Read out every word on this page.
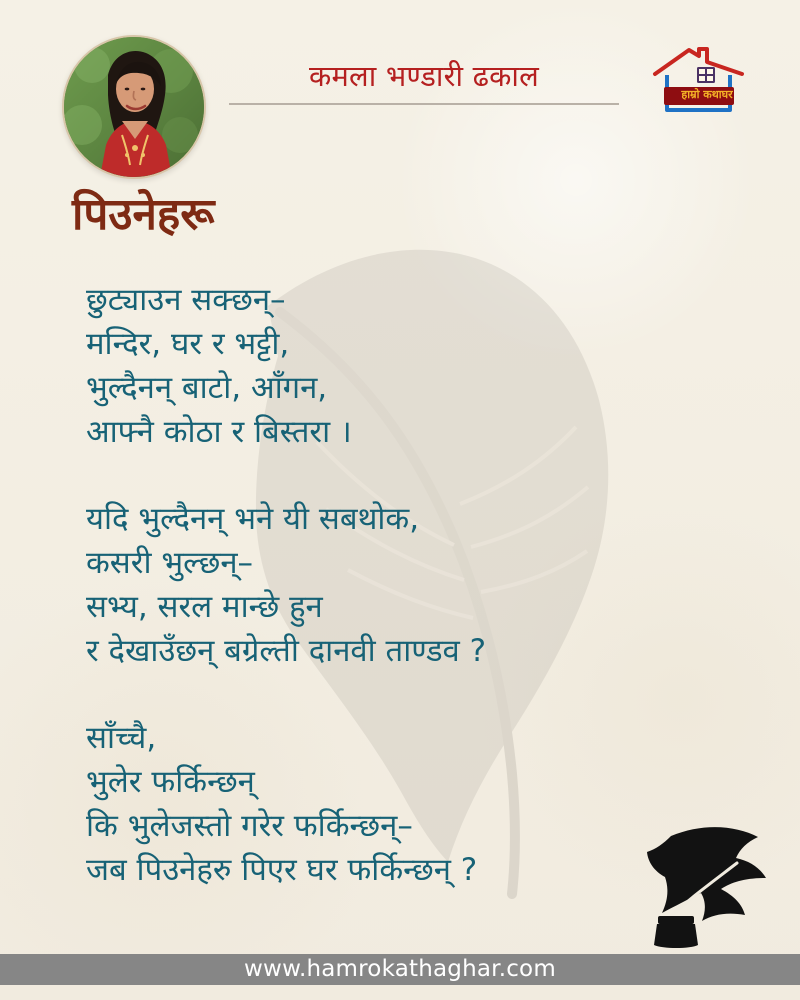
कमला भण्डारी ढकाल
हाम्रो कथाघर
पिउनेहरू
छुट्याउन सक्छन्–
मन्दिर, घर र भट्टी,
भुल्दैनन् बाटो, आँगन,
आफ्नै कोठा र बिस्तरा ।
यदि भुल्दैनन् भने यी सबथोक,
कसरी भुल्छन्–
सभ्य, सरल मान्छे हुन
र देखाउँछन् बग्रेल्ती दानवी ताण्डव ?
साँच्चै,
भुलेर फर्किन्छन्
कि भुलेजस्तो गरेर फर्किन्छन्–
जब पिउनेहरु पिएर घर फर्किन्छन् ?
www.hamrokathaghar.com
